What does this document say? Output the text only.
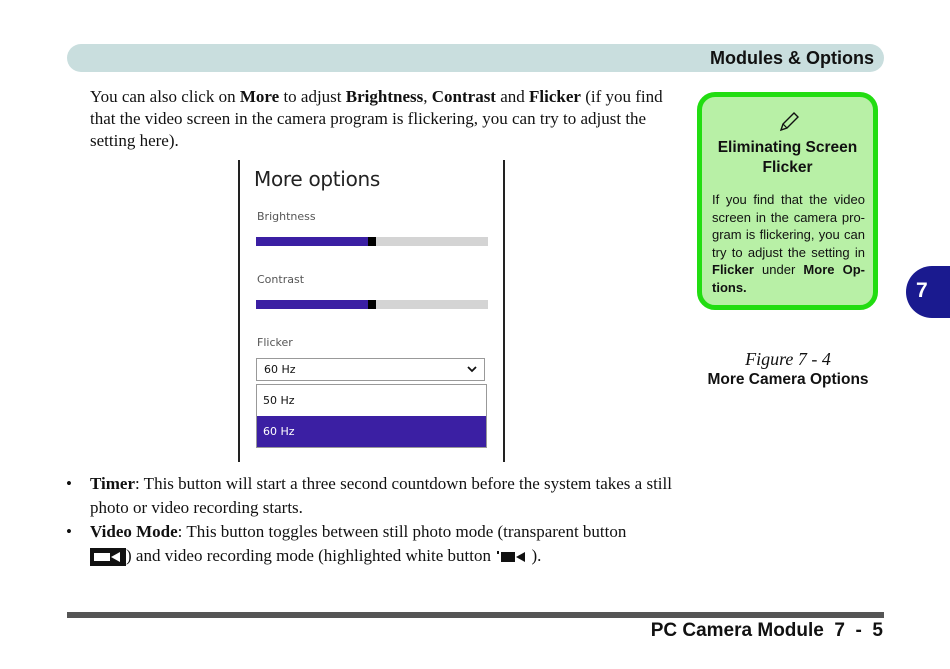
Modules & Options
You can also click on More to adjust Brightness, Contrast and Flicker (if you find that the video screen in the camera program is flickering, you can try to adjust the setting here).
More options
Brightness
Contrast
Flicker
60 Hz
50 Hz
60 Hz
• Timer: This button will start a three second countdown before the system takes a still photo or video recording starts.
• Video Mode: This button toggles between still photo mode (transparent button
) and video recording mode (highlighted white button  ).
Eliminating Screen Flicker
If you find that the video screen in the camera pro-gram is flickering, you can try to adjust the setting in Flicker under More Op-tions.
Figure 7 - 4
More Camera Options
7
PC Camera Module  7  -  5
